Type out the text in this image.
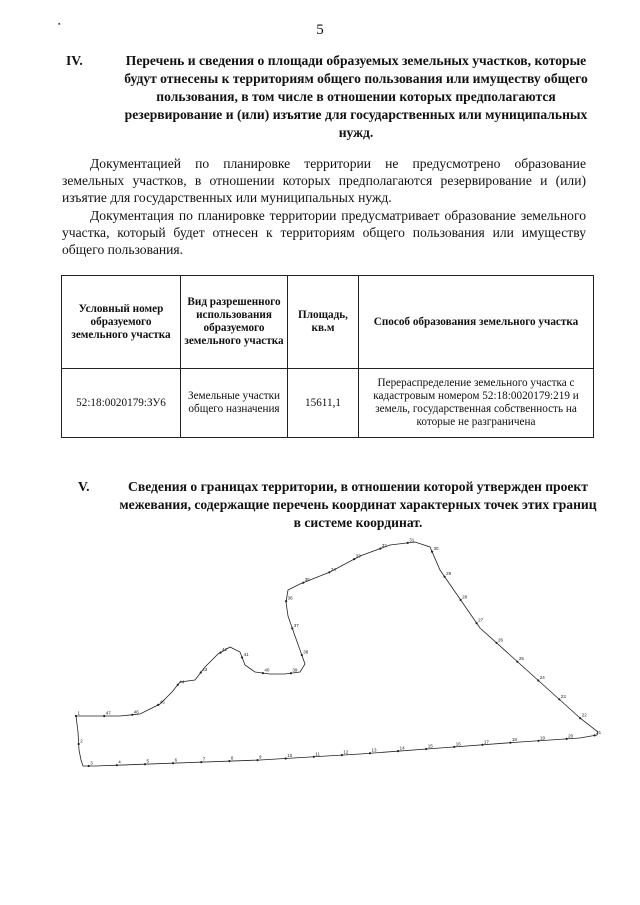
▪	5
IV.	Перечень и сведения о площади образуемых земельных участков, которые будут отнесены к территориям общего пользования или имуществу общего пользования, в том числе в отношении которых предполагаются резервирование и (или) изъятие для государственных или муниципальных нужд.
Документацией по планировке территории не предусмотрено образование земельных участков, в отношении которых предполагаются резервирование и (или) изъятие для государственных или муниципальных нужд.
Документация по планировке территории предусматривает образование земельного участка, который будет отнесен к территориям общего пользования или имуществу общего пользования.
Условный номер образуемого земельного участка	Вид разрешенного использования образуемого земельного участка	Площадь, кв.м	Способ образования земельного участка
52:18:0020179:ЗУ6	Земельные участки общего назначения	15611,1	Перераспределение земельного участка с кадастровым номером 52:18:0020179:219 и земель, государственная собственность на которые не разграничена
V.	Сведения о границах территории, в отношении которой утвержден проект межевания, содержащие перечень координат характерных точек этих границ в системе координат.
1
2
3	4	5	6	7	8	9	10	11	12	13	14	15	16	17	18	19	20
21
22
23
24
25
26
27
28
29
30
31
32
33
34
35
36
37
38
39
40
41
42
43
44
45
46
47
